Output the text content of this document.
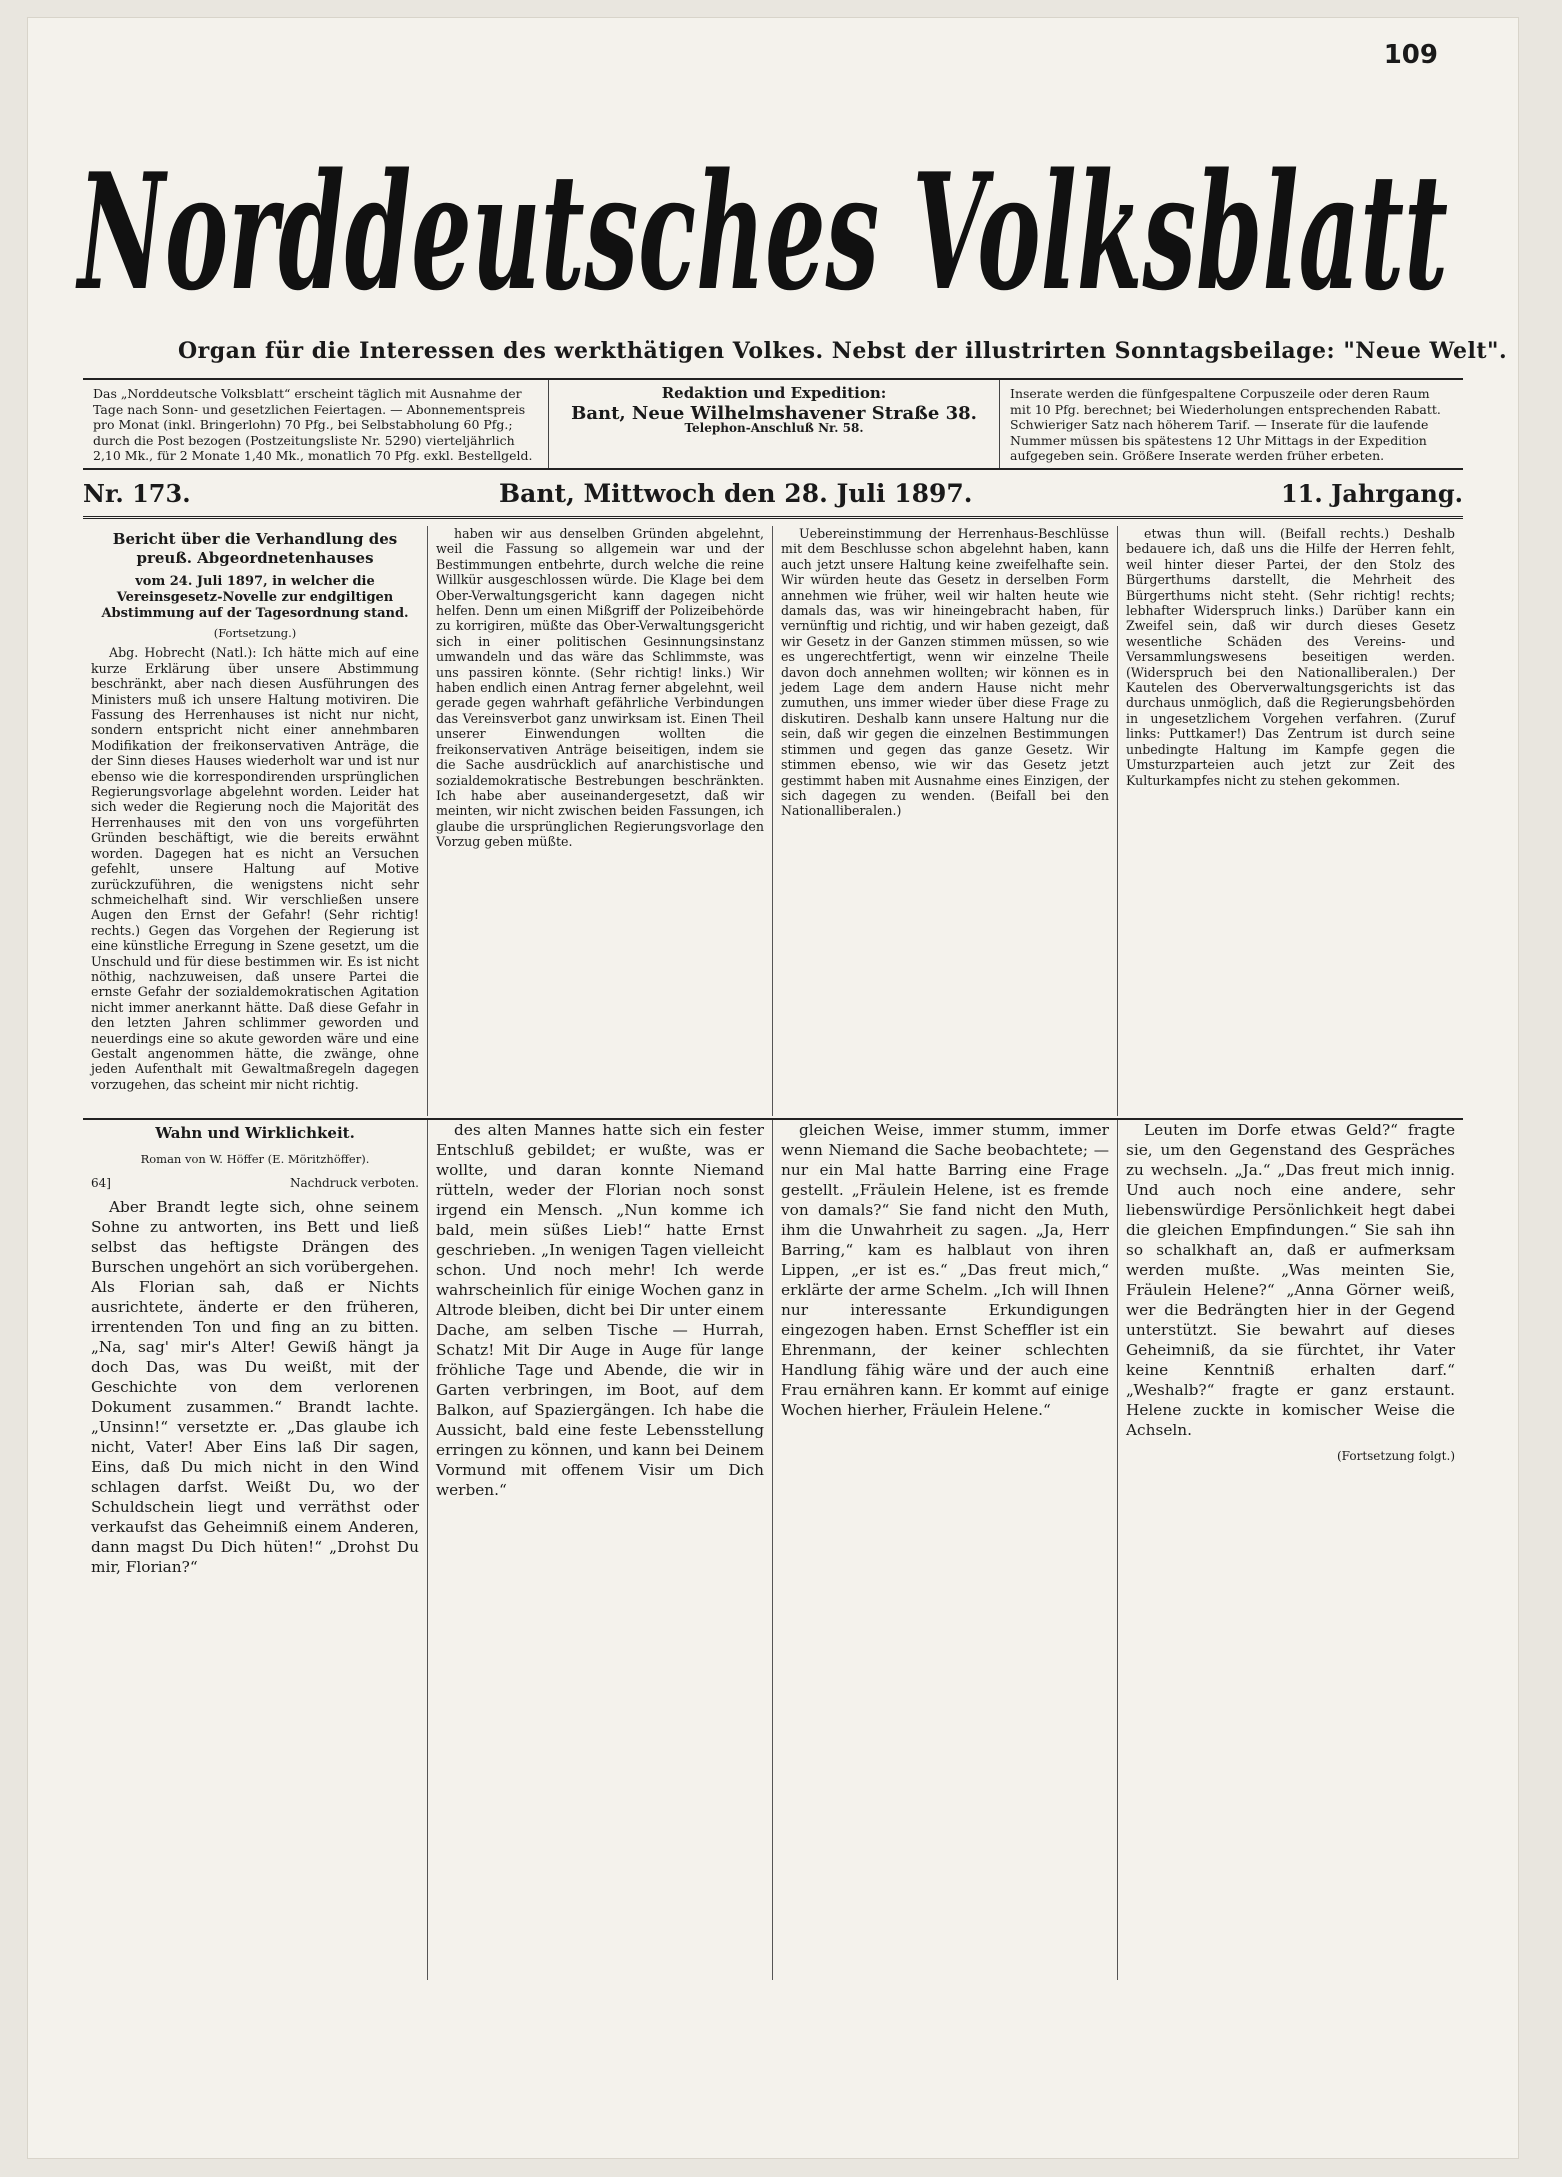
109
Norddeutsches Volksblatt
Organ für die Interessen des werkthätigen Volkes. Nebst der illustrirten Sonntagsbeilage: "Neue Welt".
Das „Norddeutsche Volksblatt“ erscheint täglich mit Ausnahme der Tage nach Sonn- und gesetzlichen Feiertagen. — Abonnementspreis pro Monat (inkl. Bringerlohn) 70 Pfg., bei Selbstabholung 60 Pfg.; durch die Post bezogen (Postzeitungsliste Nr. 5290) vierteljährlich 2,10 Mk., für 2 Monate 1,40 Mk., monatlich 70 Pfg. exkl. Bestellgeld.
Redaktion und Expedition:
Bant, Neue Wilhelmshavener Straße 38.
Telephon-Anschluß Nr. 58.
Inserate werden die fünfgespaltene Corpuszeile oder deren Raum mit 10 Pfg. berechnet; bei Wiederholungen entsprechenden Rabatt. Schwieriger Satz nach höherem Tarif. — Inserate für die laufende Nummer müssen bis spätestens 12 Uhr Mittags in der Expedition aufgegeben sein. Größere Inserate werden früher erbeten.
Nr. 173.	Bant, Mittwoch den 28. Juli 1897.	11. Jahrgang.
Bericht über die Verhandlung des preuß. Abgeordnetenhauses
vom 24. Juli 1897, in welcher die Vereinsgesetz-Novelle zur endgiltigen Abstimmung auf der Tagesordnung stand.
(Fortsetzung.)

Abg. Hobrecht (Natl.): Ich hätte mich auf eine kurze Erklärung über unsere Abstimmung beschränkt, aber nach diesen Ausführungen des Ministers muß ich unsere Haltung motiviren. Die Fassung des Herrenhauses ist nicht nur nicht, sondern entspricht nicht einer annehmbaren Modifikation der freikonservativen Anträge, die der Sinn dieses Hauses wiederholt war und ist nur ebenso wie die korrespondirenden ursprünglichen Regierungsvorlage abgelehnt worden. Leider hat sich weder die Regierung noch die Majorität des Herrenhauses mit den von uns vorgeführten Gründen beschäftigt, wie die bereits erwähnt worden. Dagegen hat es nicht an Versuchen gefehlt, unsere Haltung auf Motive zurückzuführen, die wenigstens nicht sehr schmeichelhaft sind. Wir verschließen unsere Augen den Ernst der Gefahr! (Sehr richtig! rechts.) Gegen das Vorgehen der Regierung ist eine künstliche Erregung in Szene gesetzt, um die Unschuld und für diese bestimmen wir. Es ist nicht nöthig, nachzuweisen, daß unsere Partei die ernste Gefahr der sozialdemokratischen Agitation nicht immer anerkannt hätte. Daß diese Gefahr in den letzten Jahren schlimmer geworden und neuerdings eine so akute geworden wäre und eine Gestalt angenommen hätte, die zwänge, ohne jeden Aufenthalt mit Gewaltmaßregeln dagegen vorzugehen, das scheint mir nicht richtig.

haben wir aus denselben Gründen abgelehnt, weil die Fassung so allgemein war und der Bestimmungen entbehrte, durch welche die reine Willkür ausgeschlossen würde. Die Klage bei dem Ober-Verwaltungsgericht kann dagegen nicht helfen. Denn um einen Mißgriff der Polizeibehörde zu korrigiren, müßte das Ober-Verwaltungsgericht sich in einer politischen Gesinnungsinstanz umwandeln und das wäre das Schlimmste, was uns passiren könnte. (Sehr richtig! links.) Wir haben endlich einen Antrag ferner abgelehnt, weil gerade gegen wahrhaft gefährliche Verbindungen das Vereinsverbot ganz unwirksam ist. Einen Theil unserer Einwendungen wollten die freikonservativen Anträge beiseitigen, indem sie die Sache ausdrücklich auf anarchistische und sozialdemokratische Bestrebungen beschränkten. Ich habe aber auseinandergesetzt, daß wir meinten, wir nicht zwischen beiden Fassungen, ich glaube die ursprünglichen Regierungsvorlage den Vorzug geben müßte.

Uebereinstimmung der Herrenhaus-Beschlüsse mit dem Beschlusse schon abgelehnt haben, kann auch jetzt unsere Haltung keine zweifelhafte sein. Wir würden heute das Gesetz in derselben Form annehmen wie früher, weil wir halten heute wie damals das, was wir hineingebracht haben, für vernünftig und richtig, und wir haben gezeigt, daß wir Gesetz in der Ganzen stimmen müssen, so wie es ungerechtfertigt, wenn wir einzelne Theile davon doch annehmen wollten; wir können es in jedem Lage dem andern Hause nicht mehr zumuthen, uns immer wieder über diese Frage zu diskutiren. Deshalb kann unsere Haltung nur die sein, daß wir gegen die einzelnen Bestimmungen stimmen und gegen das ganze Gesetz. Wir stimmen ebenso, wie wir das Gesetz jetzt gestimmt haben mit Ausnahme eines Einzigen, der sich dagegen zu wenden. (Beifall bei den Nationalliberalen.)

etwas thun will. (Beifall rechts.) Deshalb bedauere ich, daß uns die Hilfe der Herren fehlt, weil hinter dieser Partei, der den Stolz des Bürgerthums darstellt, die Mehrheit des Bürgerthums nicht steht. (Sehr richtig! rechts; lebhafter Widerspruch links.) Darüber kann ein Zweifel sein, daß wir durch dieses Gesetz wesentliche Schäden des Vereins- und Versammlungswesens beseitigen werden. (Widerspruch bei den Nationalliberalen.) Der Kautelen des Oberverwaltungsgerichts ist das durchaus unmöglich, daß die Regierungsbehörden in ungesetzlichem Vorgehen verfahren. (Zuruf links: Puttkamer!) Das Zentrum ist durch seine unbedingte Haltung im Kampfe gegen die Umsturzparteien auch jetzt zur Zeit des Kulturkampfes nicht zu stehen gekommen.

Wahn und Wirklichkeit.
Roman von W. Höffer (E. Möritzhöffer).
64]	Nachdruck verboten.

Aber Brandt legte sich, ohne seinem Sohne zu antworten, ins Bett und ließ selbst das heftigste Drängen des Burschen ungehört an sich vorübergehen. Als Florian sah, daß er Nichts ausrichtete, änderte er den früheren, irrentenden Ton und fing an zu bitten. „Na, sag' mir's Alter! Gewiß hängt ja doch Das, was Du weißt, mit der Geschichte von dem verlorenen Dokument zusammen.“ Brandt lachte. „Unsinn!“ versetzte er. „Das glaube ich nicht, Vater! Aber Eins laß Dir sagen, Eins, daß Du mich nicht in den Wind schlagen darfst. Weißt Du, wo der Schuldschein liegt und verräthst oder verkaufst das Geheimniß einem Anderen, dann magst Du Dich hüten!“ „Drohst Du mir, Florian?“

des alten Mannes hatte sich ein fester Entschluß gebildet; er wußte, was er wollte, und daran konnte Niemand rütteln, weder der Florian noch sonst irgend ein Mensch. „Nun komme ich bald, mein süßes Lieb!“ hatte Ernst geschrieben. „In wenigen Tagen vielleicht schon. Und noch mehr! Ich werde wahrscheinlich für einige Wochen ganz in Altrode bleiben, dicht bei Dir unter einem Dache, am selben Tische — Hurrah, Schatz! Mit Dir Auge in Auge für lange fröhliche Tage und Abende, die wir in Garten verbringen, im Boot, auf dem Balkon, auf Spaziergängen. Ich habe die Aussicht, bald eine feste Lebensstellung erringen zu können, und kann bei Deinem Vormund mit offenem Visir um Dich werben.“

gleichen Weise, immer stumm, immer wenn Niemand die Sache beobachtete; — nur ein Mal hatte Barring eine Frage gestellt. „Fräulein Helene, ist es fremde von damals?“ Sie fand nicht den Muth, ihm die Unwahrheit zu sagen. „Ja, Herr Barring,“ kam es halblaut von ihren Lippen, „er ist es.“ „Das freut mich,“ erklärte der arme Schelm. „Ich will Ihnen nur interessante Erkundigungen eingezogen haben. Ernst Scheffler ist ein Ehrenmann, der keiner schlechten Handlung fähig wäre und der auch eine Frau ernähren kann. Er kommt auf einige Wochen hierher, Fräulein Helene.“

Leuten im Dorfe etwas Geld?“ fragte sie, um den Gegenstand des Gespräches zu wechseln. „Ja.“ „Das freut mich innig. Und auch noch eine andere, sehr liebenswürdige Persönlichkeit hegt dabei die gleichen Empfindungen.“ Sie sah ihn so schalkhaft an, daß er aufmerksam werden mußte. „Was meinten Sie, Fräulein Helene?“ „Anna Görner weiß, wer die Bedrängten hier in der Gegend unterstützt. Sie bewahrt auf dieses Geheimniß, da sie fürchtet, ihr Vater keine Kenntniß erhalten darf.“ „Weshalb?“ fragte er ganz erstaunt. Helene zuckte in komischer Weise die Achseln.

(Fortsetzung folgt.)
